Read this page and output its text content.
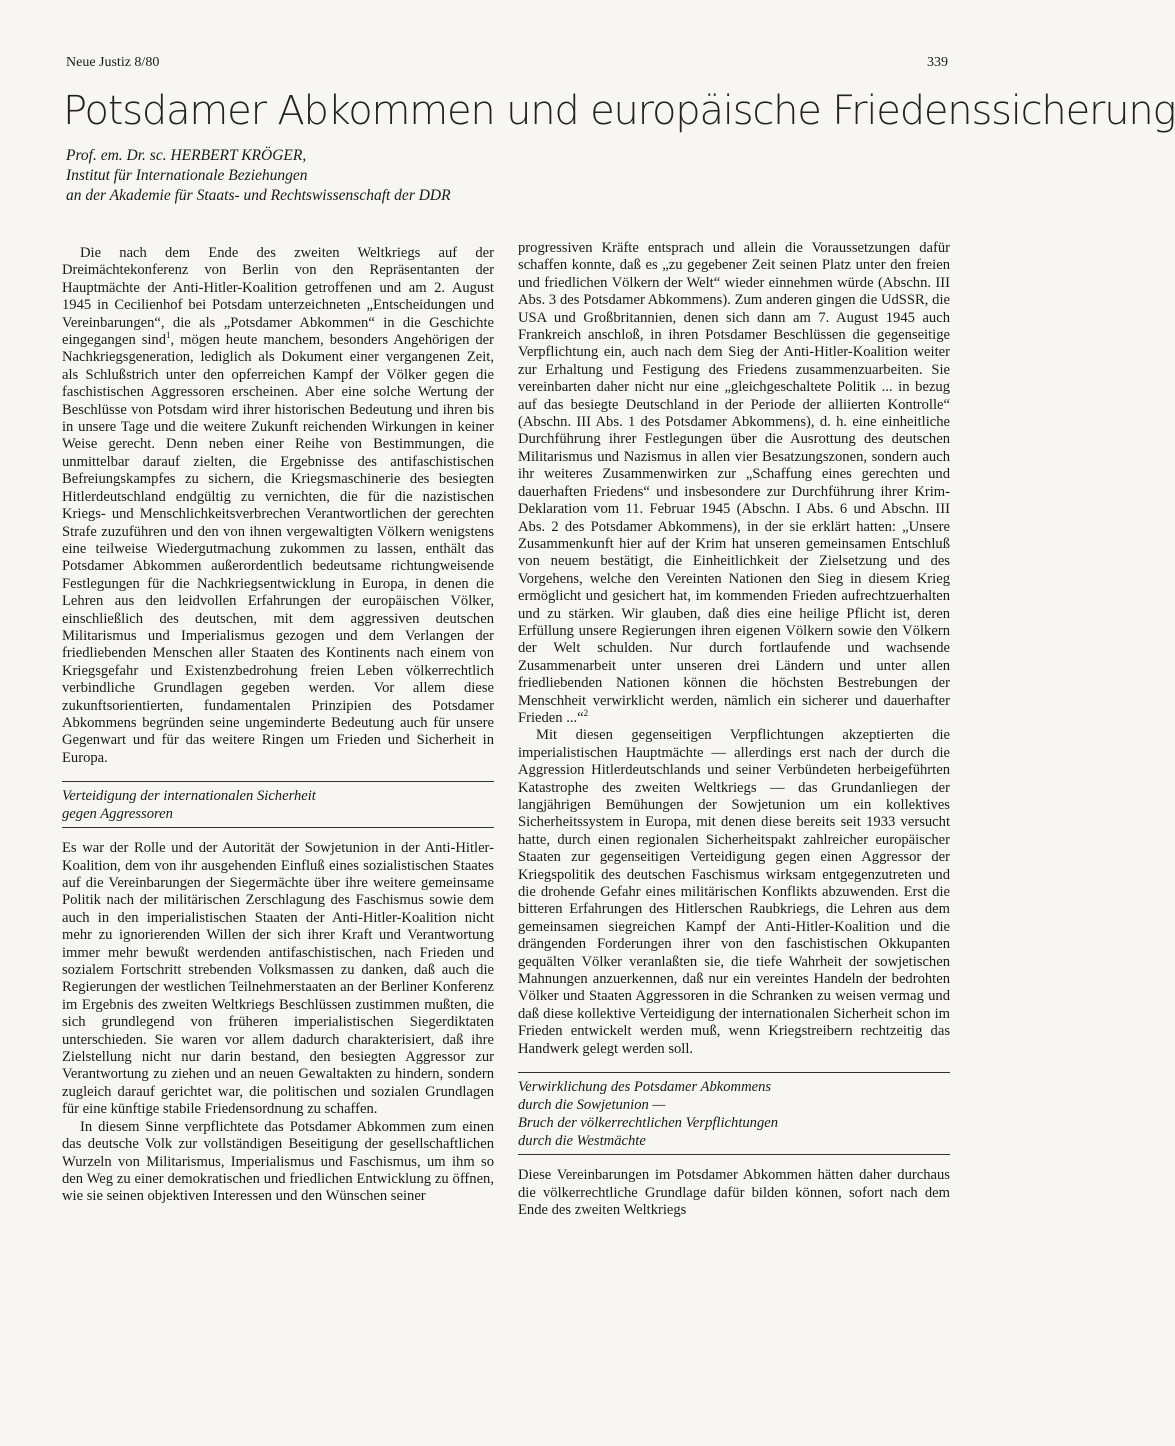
Neue Justiz 8/80	339
Potsdamer Abkommen und europäische Friedenssicherung
Prof. em. Dr. sc. HERBERT KRÖGER,
Institut für Internationale Beziehungen
an der Akademie für Staats- und Rechtswissenschaft der DDR

Die nach dem Ende des zweiten Weltkriegs auf der Dreimächtekonferenz von Berlin von den Repräsentanten der Hauptmächte der Anti-Hitler-Koalition getroffenen und am 2. August 1945 in Cecilienhof bei Potsdam unterzeichneten „Entscheidungen und Vereinbarungen“, die als „Potsdamer Abkommen“ in die Geschichte eingegangen sind$^1$, mögen heute manchem, besonders Angehörigen der Nachkriegsgeneration, lediglich als Dokument einer vergangenen Zeit, als Schlußstrich unter den opferreichen Kampf der Völker gegen die faschistischen Aggressoren erscheinen. Aber eine solche Wertung der Beschlüsse von Potsdam wird ihrer historischen Bedeutung und ihren bis in unsere Tage und die weitere Zukunft reichenden Wirkungen in keiner Weise gerecht. Denn neben einer Reihe von Bestimmungen, die unmittelbar darauf zielten, die Ergebnisse des antifaschistischen Befreiungskampfes zu sichern, die Kriegsmaschinerie des besiegten Hitlerdeutschland endgültig zu vernichten, die für die nazistischen Kriegs- und Menschlichkeitsverbrechen Verantwortlichen der gerechten Strafe zuzuführen und den von ihnen vergewaltigten Völkern wenigstens eine teilweise Wiedergutmachung zukommen zu lassen, enthält das Potsdamer Abkommen außerordentlich bedeutsame richtungweisende Festlegungen für die Nachkriegsentwicklung in Europa, in denen die Lehren aus den leidvollen Erfahrungen der europäischen Völker, einschließlich des deutschen, mit dem aggressiven deutschen Militarismus und Imperialismus gezogen und dem Verlangen der friedliebenden Menschen aller Staaten des Kontinents nach einem von Kriegsgefahr und Existenzbedrohung freien Leben völkerrechtlich verbindliche Grundlagen gegeben werden. Vor allem diese zukunftsorientierten, fundamentalen Prinzipien des Potsdamer Abkommens begründen seine ungeminderte Bedeutung auch für unsere Gegenwart und für das weitere Ringen um Frieden und Sicherheit in Europa.

Verteidigung der internationalen Sicherheit
gegen Aggressoren

Es war der Rolle und der Autorität der Sowjetunion in der Anti-Hitler-Koalition, dem von ihr ausgehenden Einfluß eines sozialistischen Staates auf die Vereinbarungen der Siegermächte über ihre weitere gemeinsame Politik nach der militärischen Zerschlagung des Faschismus sowie dem auch in den imperialistischen Staaten der Anti-Hitler-Koalition nicht mehr zu ignorierenden Willen der sich ihrer Kraft und Verantwortung immer mehr bewußt werdenden antifaschistischen, nach Frieden und sozialem Fortschritt strebenden Volksmassen zu danken, daß auch die Regierungen der westlichen Teilnehmerstaaten an der Berliner Konferenz im Ergebnis des zweiten Weltkriegs Beschlüssen zustimmen mußten, die sich grundlegend von früheren imperialistischen Siegerdiktaten unterschieden. Sie waren vor allem dadurch charakterisiert, daß ihre Zielstellung nicht nur darin bestand, den besiegten Aggressor zur Verantwortung zu ziehen und an neuen Gewaltakten zu hindern, sondern zugleich darauf gerichtet war, die politischen und sozialen Grundlagen für eine künftige stabile Friedensordnung zu schaffen.

In diesem Sinne verpflichtete das Potsdamer Abkommen zum einen das deutsche Volk zur vollständigen Beseitigung der gesellschaftlichen Wurzeln von Militarismus, Imperialismus und Faschismus, um ihm so den Weg zu einer demokratischen und friedlichen Entwicklung zu öffnen, wie sie seinen objektiven Interessen und den Wünschen seiner

progressiven Kräfte entsprach und allein die Voraussetzungen dafür schaffen konnte, daß es „zu gegebener Zeit seinen Platz unter den freien und friedlichen Völkern der Welt“ wieder einnehmen würde (Abschn. III Abs. 3 des Potsdamer Abkommens). Zum anderen gingen die UdSSR, die USA und Großbritannien, denen sich dann am 7. August 1945 auch Frankreich anschloß, in ihren Potsdamer Beschlüssen die gegenseitige Verpflichtung ein, auch nach dem Sieg der Anti-Hitler-Koalition weiter zur Erhaltung und Festigung des Friedens zusammenzuarbeiten. Sie vereinbarten daher nicht nur eine „gleichgeschaltete Politik ... in bezug auf das besiegte Deutschland in der Periode der alliierten Kontrolle“ (Abschn. III Abs. 1 des Potsdamer Abkommens), d. h. eine einheitliche Durchführung ihrer Festlegungen über die Ausrottung des deutschen Militarismus und Nazismus in allen vier Besatzungszonen, sondern auch ihr weiteres Zusammenwirken zur „Schaffung eines gerechten und dauerhaften Friedens“ und insbesondere zur Durchführung ihrer Krim-Deklaration vom 11. Februar 1945 (Abschn. I Abs. 6 und Abschn. III Abs. 2 des Potsdamer Abkommens), in der sie erklärt hatten: „Unsere Zusammenkunft hier auf der Krim hat unseren gemeinsamen Entschluß von neuem bestätigt, die Einheitlichkeit der Zielsetzung und des Vorgehens, welche den Vereinten Nationen den Sieg in diesem Krieg ermöglicht und gesichert hat, im kommenden Frieden aufrechtzuerhalten und zu stärken. Wir glauben, daß dies eine heilige Pflicht ist, deren Erfüllung unsere Regierungen ihren eigenen Völkern sowie den Völkern der Welt schulden. Nur durch fortlaufende und wachsende Zusammenarbeit unter unseren drei Ländern und unter allen friedliebenden Nationen können die höchsten Bestrebungen der Menschheit verwirklicht werden, nämlich ein sicherer und dauerhafter Frieden ...“$^2$

Mit diesen gegenseitigen Verpflichtungen akzeptierten die imperialistischen Hauptmächte — allerdings erst nach der durch die Aggression Hitlerdeutschlands und seiner Verbündeten herbeigeführten Katastrophe des zweiten Weltkriegs — das Grundanliegen der langjährigen Bemühungen der Sowjetunion um ein kollektives Sicherheitssystem in Europa, mit denen diese bereits seit 1933 versucht hatte, durch einen regionalen Sicherheitspakt zahlreicher europäischer Staaten zur gegenseitigen Verteidigung gegen einen Aggressor der Kriegspolitik des deutschen Faschismus wirksam entgegenzutreten und die drohende Gefahr eines militärischen Konflikts abzuwenden. Erst die bitteren Erfahrungen des Hitlerschen Raubkriegs, die Lehren aus dem gemeinsamen siegreichen Kampf der Anti-Hitler-Koalition und die drängenden Forderungen ihrer von den faschistischen Okkupanten gequälten Völker veranlaßten sie, die tiefe Wahrheit der sowjetischen Mahnungen anzuerkennen, daß nur ein vereintes Handeln der bedrohten Völker und Staaten Aggressoren in die Schranken zu weisen vermag und daß diese kollektive Verteidigung der internationalen Sicherheit schon im Frieden entwickelt werden muß, wenn Kriegstreibern rechtzeitig das Handwerk gelegt werden soll.

Verwirklichung des Potsdamer Abkommens
durch die Sowjetunion —
Bruch der völkerrechtlichen Verpflichtungen
durch die Westmächte

Diese Vereinbarungen im Potsdamer Abkommen hätten daher durchaus die völkerrechtliche Grundlage dafür bilden können, sofort nach dem Ende des zweiten Weltkriegs
